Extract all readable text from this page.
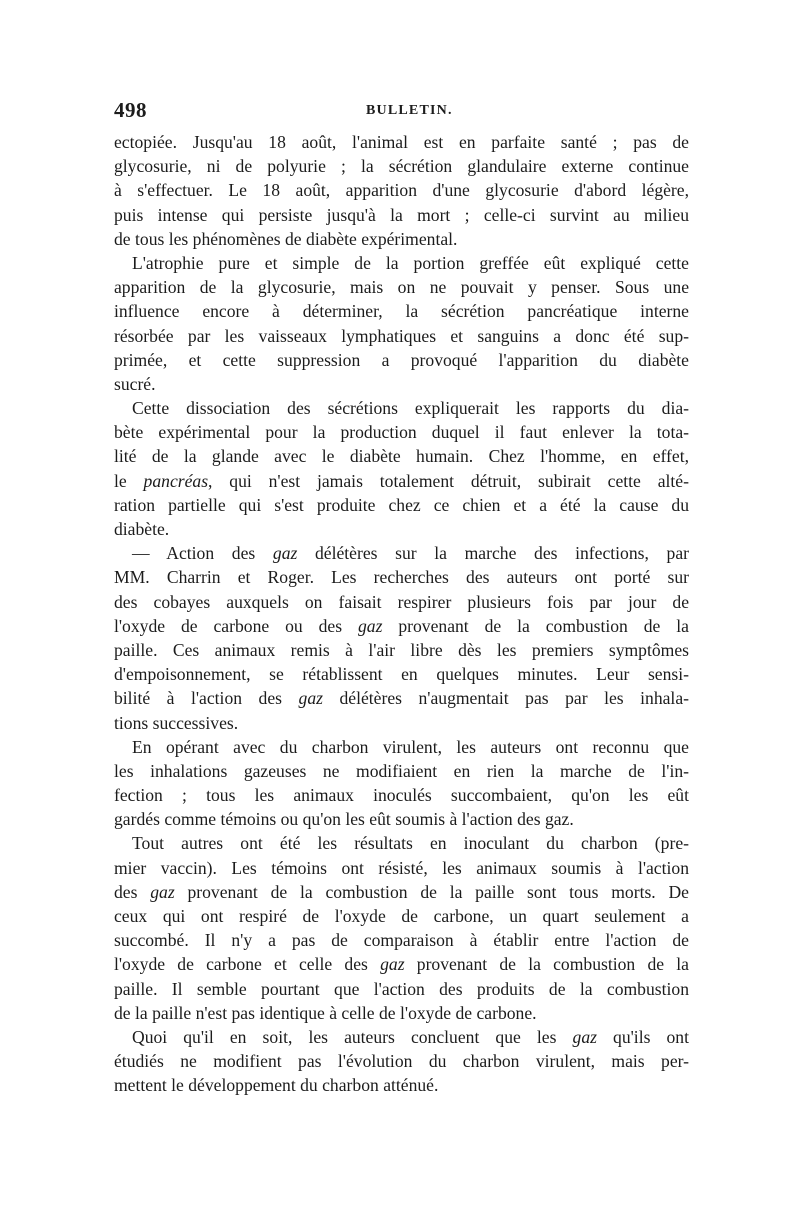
498	BULLETIN.
ectopiée. Jusqu'au 18 août, l'animal est en parfaite santé ; pas de
glycosurie, ni de polyurie ; la sécrétion glandulaire externe continue
à s'effectuer. Le 18 août, apparition d'une glycosurie d'abord légère,
puis intense qui persiste jusqu'à la mort ; celle-ci survint au milieu
de tous les phénomènes de diabète expérimental.
L'atrophie pure et simple de la portion greffée eût expliqué cette
apparition de la glycosurie, mais on ne pouvait y penser. Sous une
influence encore à déterminer, la sécrétion pancréatique interne
résorbée par les vaisseaux lymphatiques et sanguins a donc été sup-
primée, et cette suppression a provoqué l'apparition du diabète
sucré.
Cette dissociation des sécrétions expliquerait les rapports du dia-
bète expérimental pour la production duquel il faut enlever la tota-
lité de la glande avec le diabète humain. Chez l'homme, en effet,
le pancréas, qui n'est jamais totalement détruit, subirait cette alté-
ration partielle qui s'est produite chez ce chien et a été la cause du
diabète.
— Action des gaz délétères sur la marche des infections, par
MM. Charrin et Roger. Les recherches des auteurs ont porté sur
des cobayes auxquels on faisait respirer plusieurs fois par jour de
l'oxyde de carbone ou des gaz provenant de la combustion de la
paille. Ces animaux remis à l'air libre dès les premiers symptômes
d'empoisonnement, se rétablissent en quelques minutes. Leur sensi-
bilité à l'action des gaz délétères n'augmentait pas par les inhala-
tions successives.
En opérant avec du charbon virulent, les auteurs ont reconnu que
les inhalations gazeuses ne modifiaient en rien la marche de l'in-
fection ; tous les animaux inoculés succombaient, qu'on les eût
gardés comme témoins ou qu'on les eût soumis à l'action des gaz.
Tout autres ont été les résultats en inoculant du charbon (pre-
mier vaccin). Les témoins ont résisté, les animaux soumis à l'action
des gaz provenant de la combustion de la paille sont tous morts. De
ceux qui ont respiré de l'oxyde de carbone, un quart seulement a
succombé. Il n'y a pas de comparaison à établir entre l'action de
l'oxyde de carbone et celle des gaz provenant de la combustion de la
paille. Il semble pourtant que l'action des produits de la combustion
de la paille n'est pas identique à celle de l'oxyde de carbone.
Quoi qu'il en soit, les auteurs concluent que les gaz qu'ils ont
étudiés ne modifient pas l'évolution du charbon virulent, mais per-
mettent le développement du charbon atténué.
